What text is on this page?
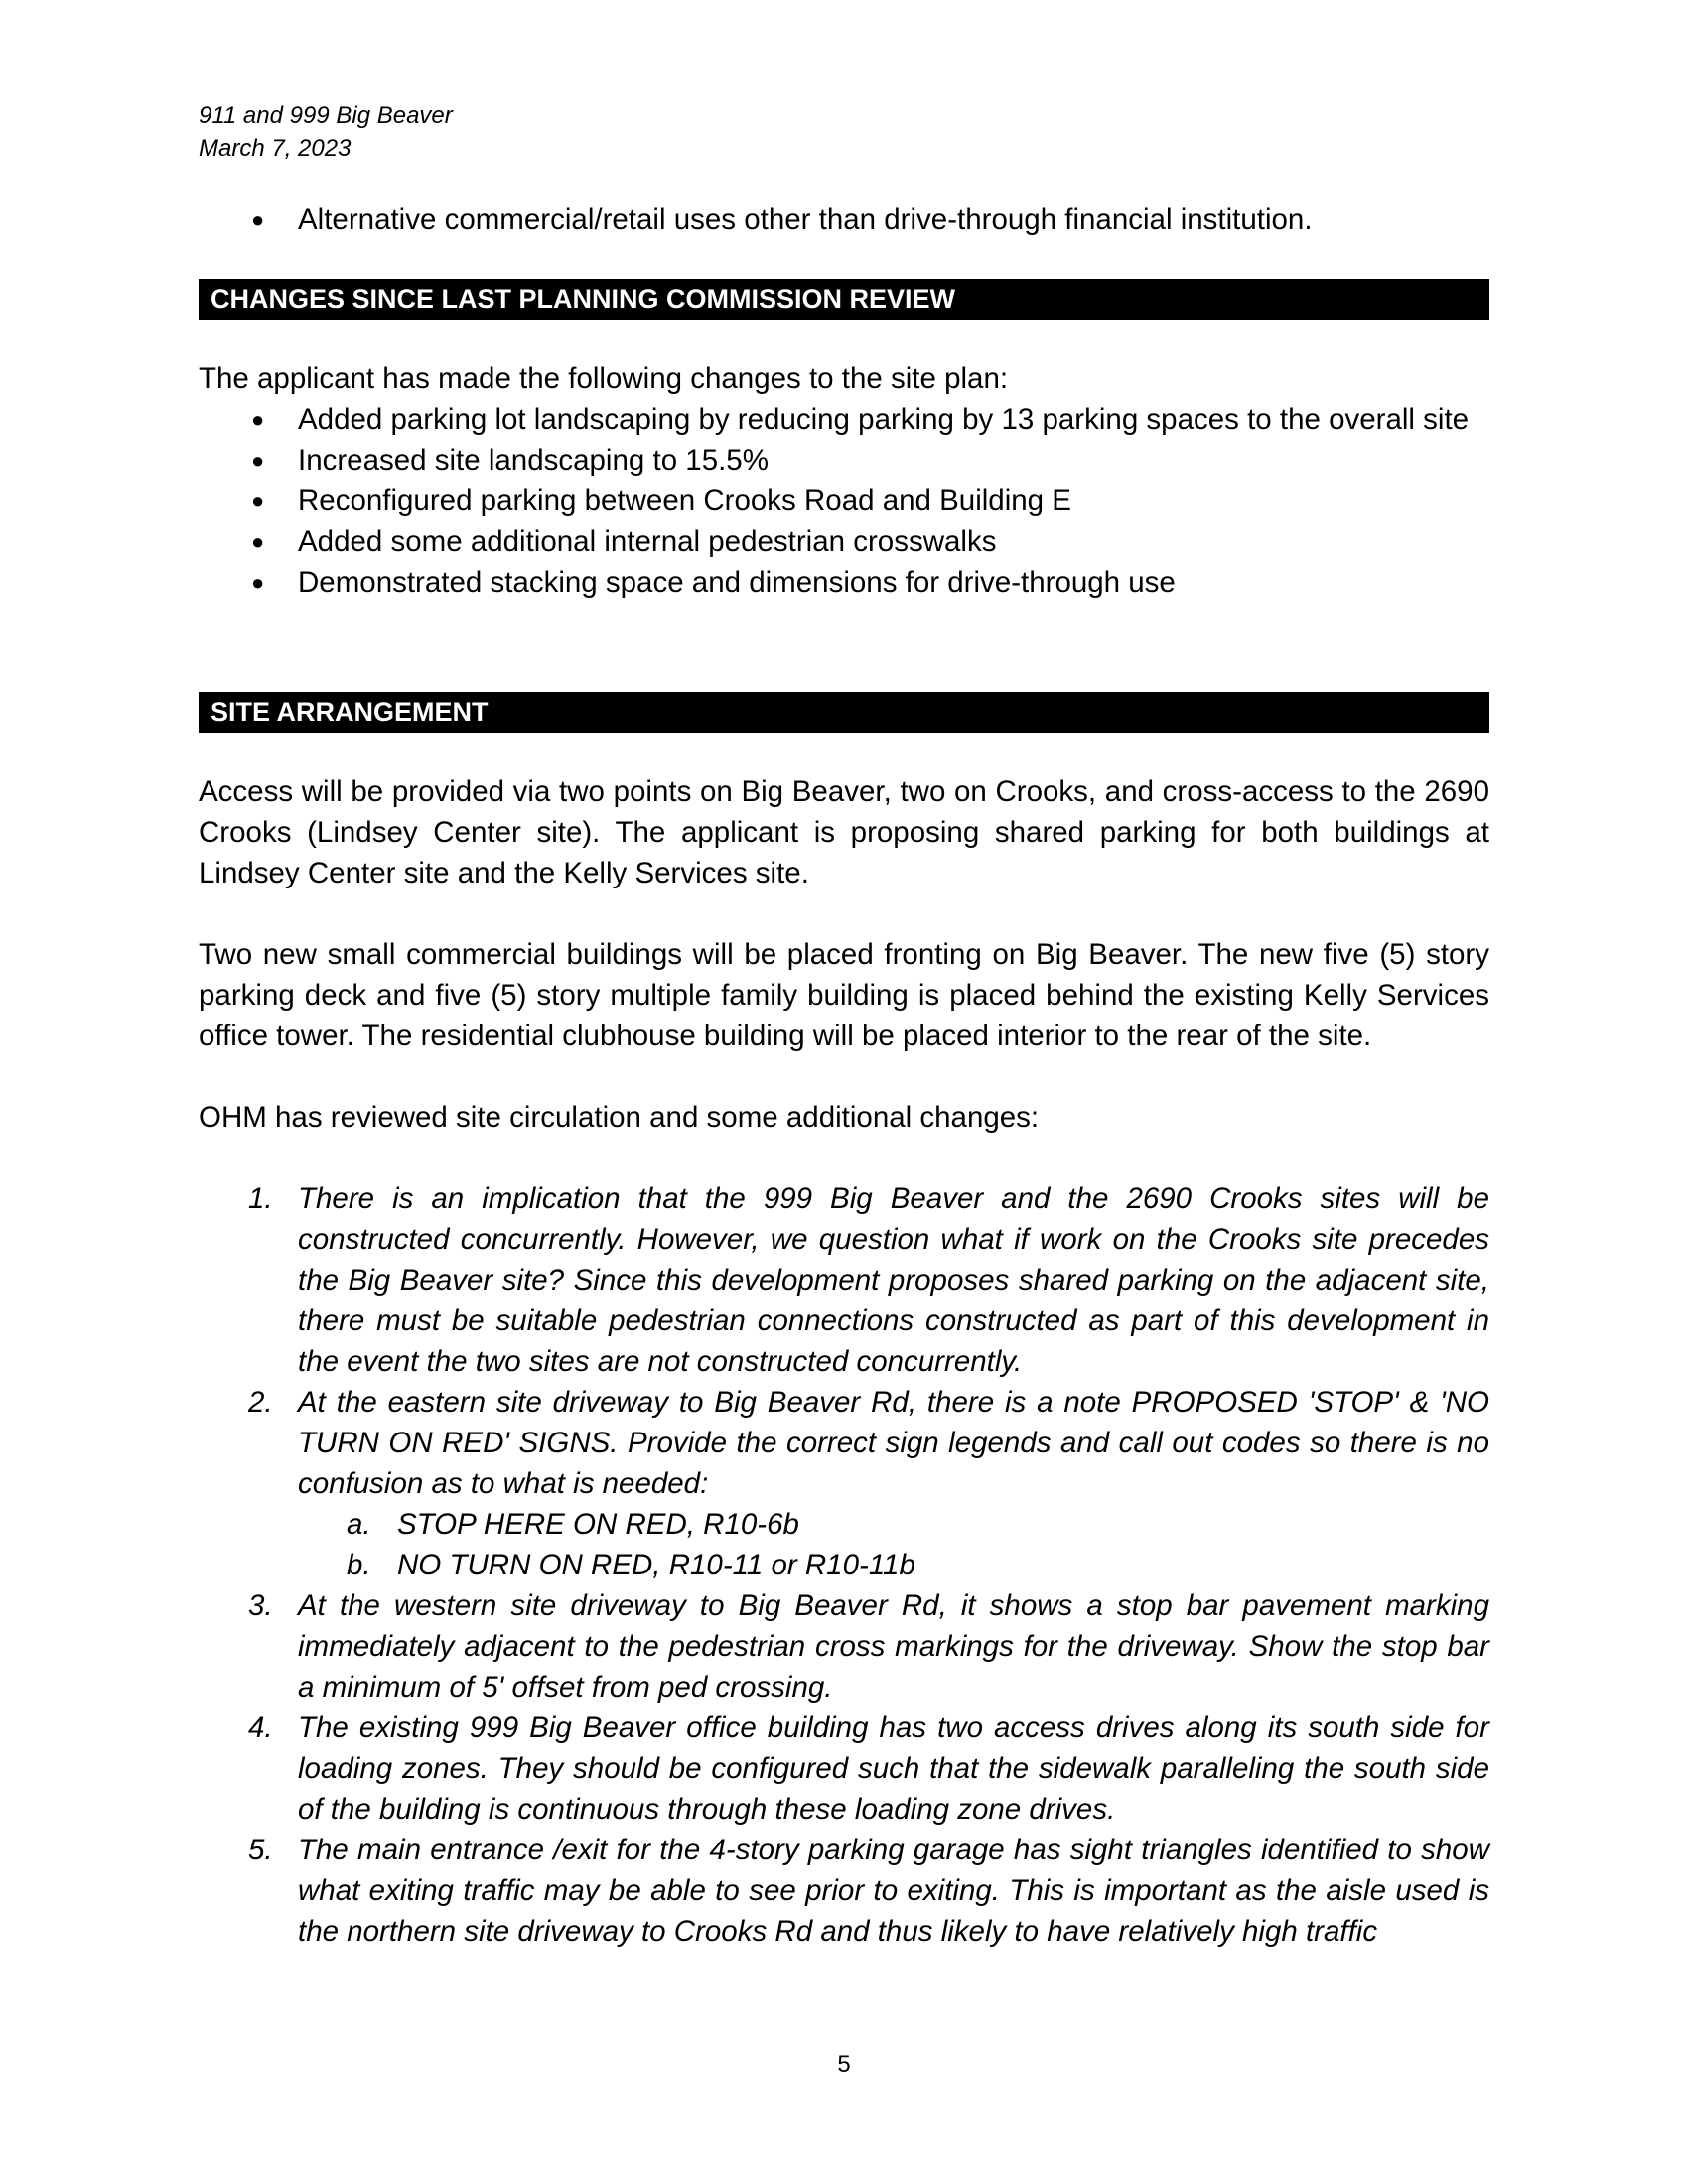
911 and 999 Big Beaver
March 7, 2023
● Alternative commercial/retail uses other than drive-through financial institution.
CHANGES SINCE LAST PLANNING COMMISSION REVIEW
The applicant has made the following changes to the site plan:
● Added parking lot landscaping by reducing parking by 13 parking spaces to the overall site
● Increased site landscaping to 15.5%
● Reconfigured parking between Crooks Road and Building E
● Added some additional internal pedestrian crosswalks
● Demonstrated stacking space and dimensions for drive-through use
SITE ARRANGEMENT
Access will be provided via two points on Big Beaver, two on Crooks, and cross-access to the 2690 Crooks (Lindsey Center site). The applicant is proposing shared parking for both buildings at Lindsey Center site and the Kelly Services site.
Two new small commercial buildings will be placed fronting on Big Beaver. The new five (5) story parking deck and five (5) story multiple family building is placed behind the existing Kelly Services office tower. The residential clubhouse building will be placed interior to the rear of the site.
OHM has reviewed site circulation and some additional changes:
1. There is an implication that the 999 Big Beaver and the 2690 Crooks sites will be constructed concurrently. However, we question what if work on the Crooks site precedes the Big Beaver site? Since this development proposes shared parking on the adjacent site, there must be suitable pedestrian connections constructed as part of this development in the event the two sites are not constructed concurrently.
2. At the eastern site driveway to Big Beaver Rd, there is a note PROPOSED 'STOP' & 'NO TURN ON RED' SIGNS. Provide the correct sign legends and call out codes so there is no confusion as to what is needed:
a. STOP HERE ON RED, R10-6b
b. NO TURN ON RED, R10-11 or R10-11b
3. At the western site driveway to Big Beaver Rd, it shows a stop bar pavement marking immediately adjacent to the pedestrian cross markings for the driveway. Show the stop bar a minimum of 5' offset from ped crossing.
4. The existing 999 Big Beaver office building has two access drives along its south side for loading zones. They should be configured such that the sidewalk paralleling the south side of the building is continuous through these loading zone drives.
5. The main entrance /exit for the 4-story parking garage has sight triangles identified to show what exiting traffic may be able to see prior to exiting. This is important as the aisle used is the northern site driveway to Crooks Rd and thus likely to have relatively high traffic
5
